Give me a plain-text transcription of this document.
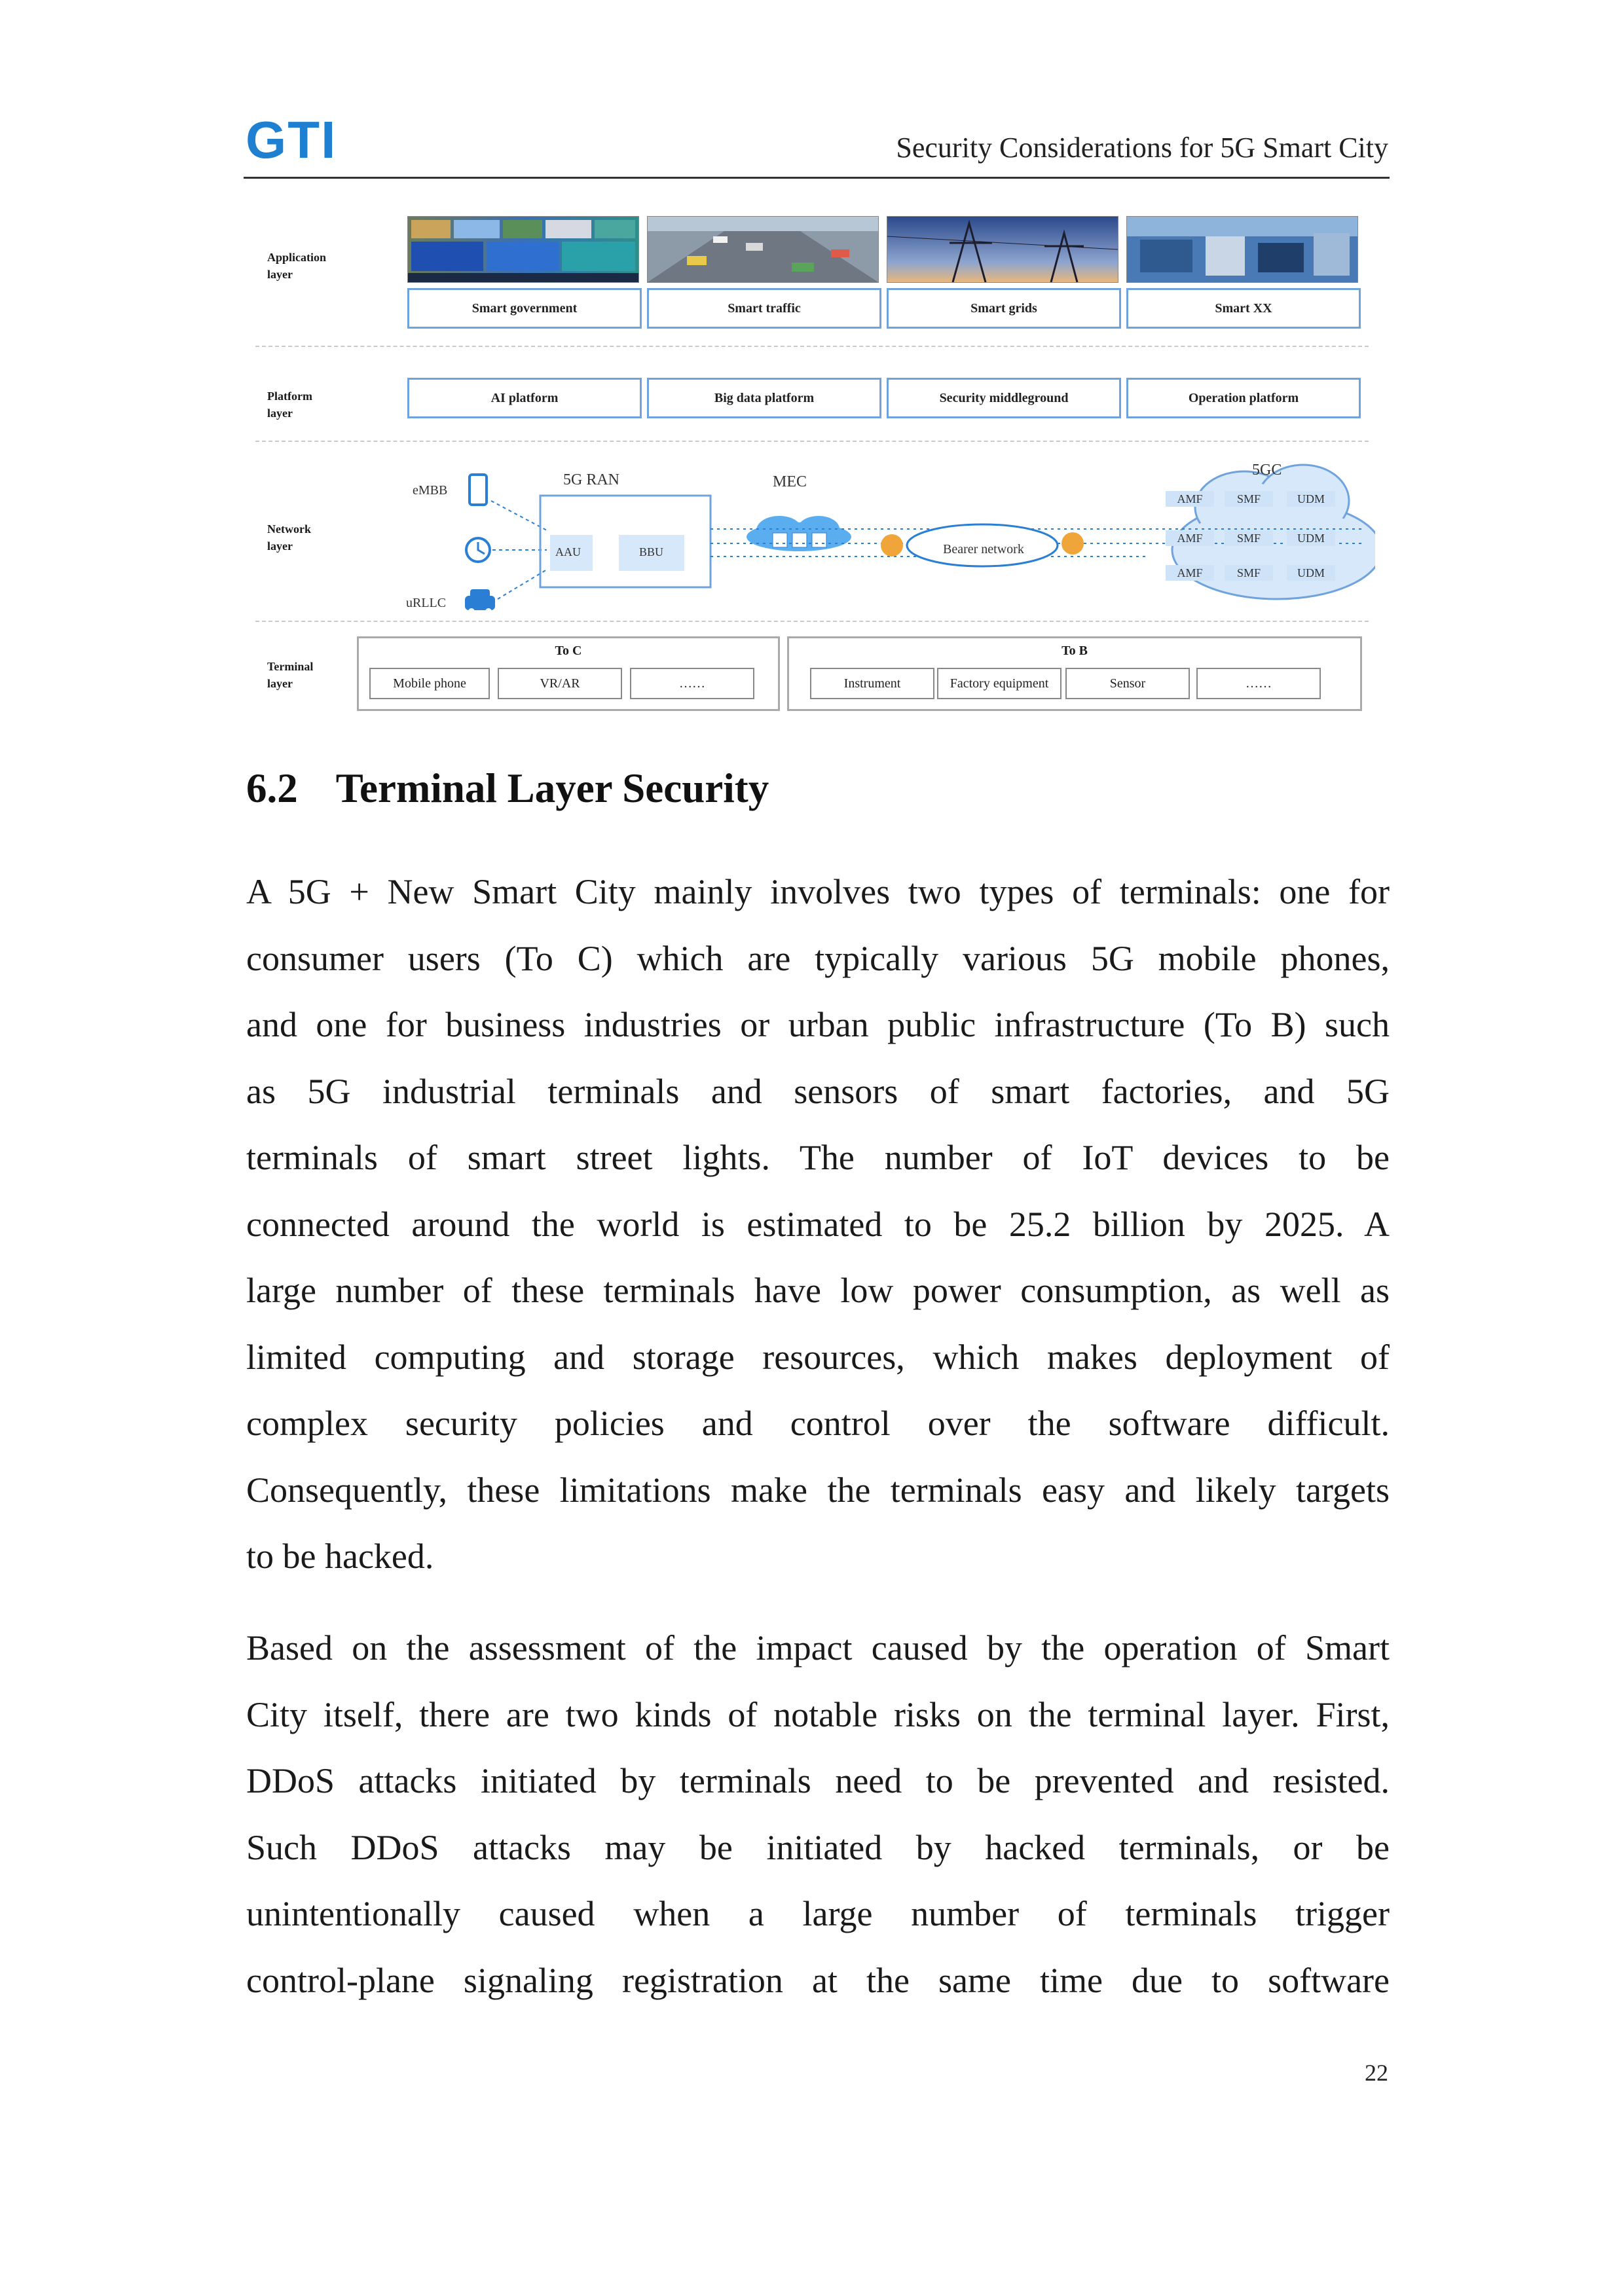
GTI	Security Considerations for 5G Smart City
Application
layer
Smart government	Smart traffic	Smart grids	Smart XX
Platform
layer
AI platform	Big data platform	Security middleground	Operation platform
Network
layer
eMBB
uRLLC
5G RAN
AAU	BBU
MEC
Bearer network
5GC
AMF	SMF	UDM
AMF	SMF	UDM
AMF	SMF	UDM
Terminal
layer
To C
Mobile phone	VR/AR	……
To B
Instrument	Factory equipment	Sensor	……
6.2 Terminal Layer Security
A 5G + New Smart City mainly involves two types of terminals: one for
consumer users (To C) which are typically various 5G mobile phones,
and one for business industries or urban public infrastructure (To B) such
as 5G industrial terminals and sensors of smart factories, and 5G
terminals of smart street lights. The number of IoT devices to be
connected around the world is estimated to be 25.2 billion by 2025. A
large number of these terminals have low power consumption, as well as
limited computing and storage resources, which makes deployment of
complex security policies and control over the software difficult.
Consequently, these limitations make the terminals easy and likely targets
to be hacked.
Based on the assessment of the impact caused by the operation of Smart
City itself, there are two kinds of notable risks on the terminal layer. First,
DDoS attacks initiated by terminals need to be prevented and resisted.
Such DDoS attacks may be initiated by hacked terminals, or be
unintentionally caused when a large number of terminals trigger
control-plane signaling registration at the same time due to software
22
